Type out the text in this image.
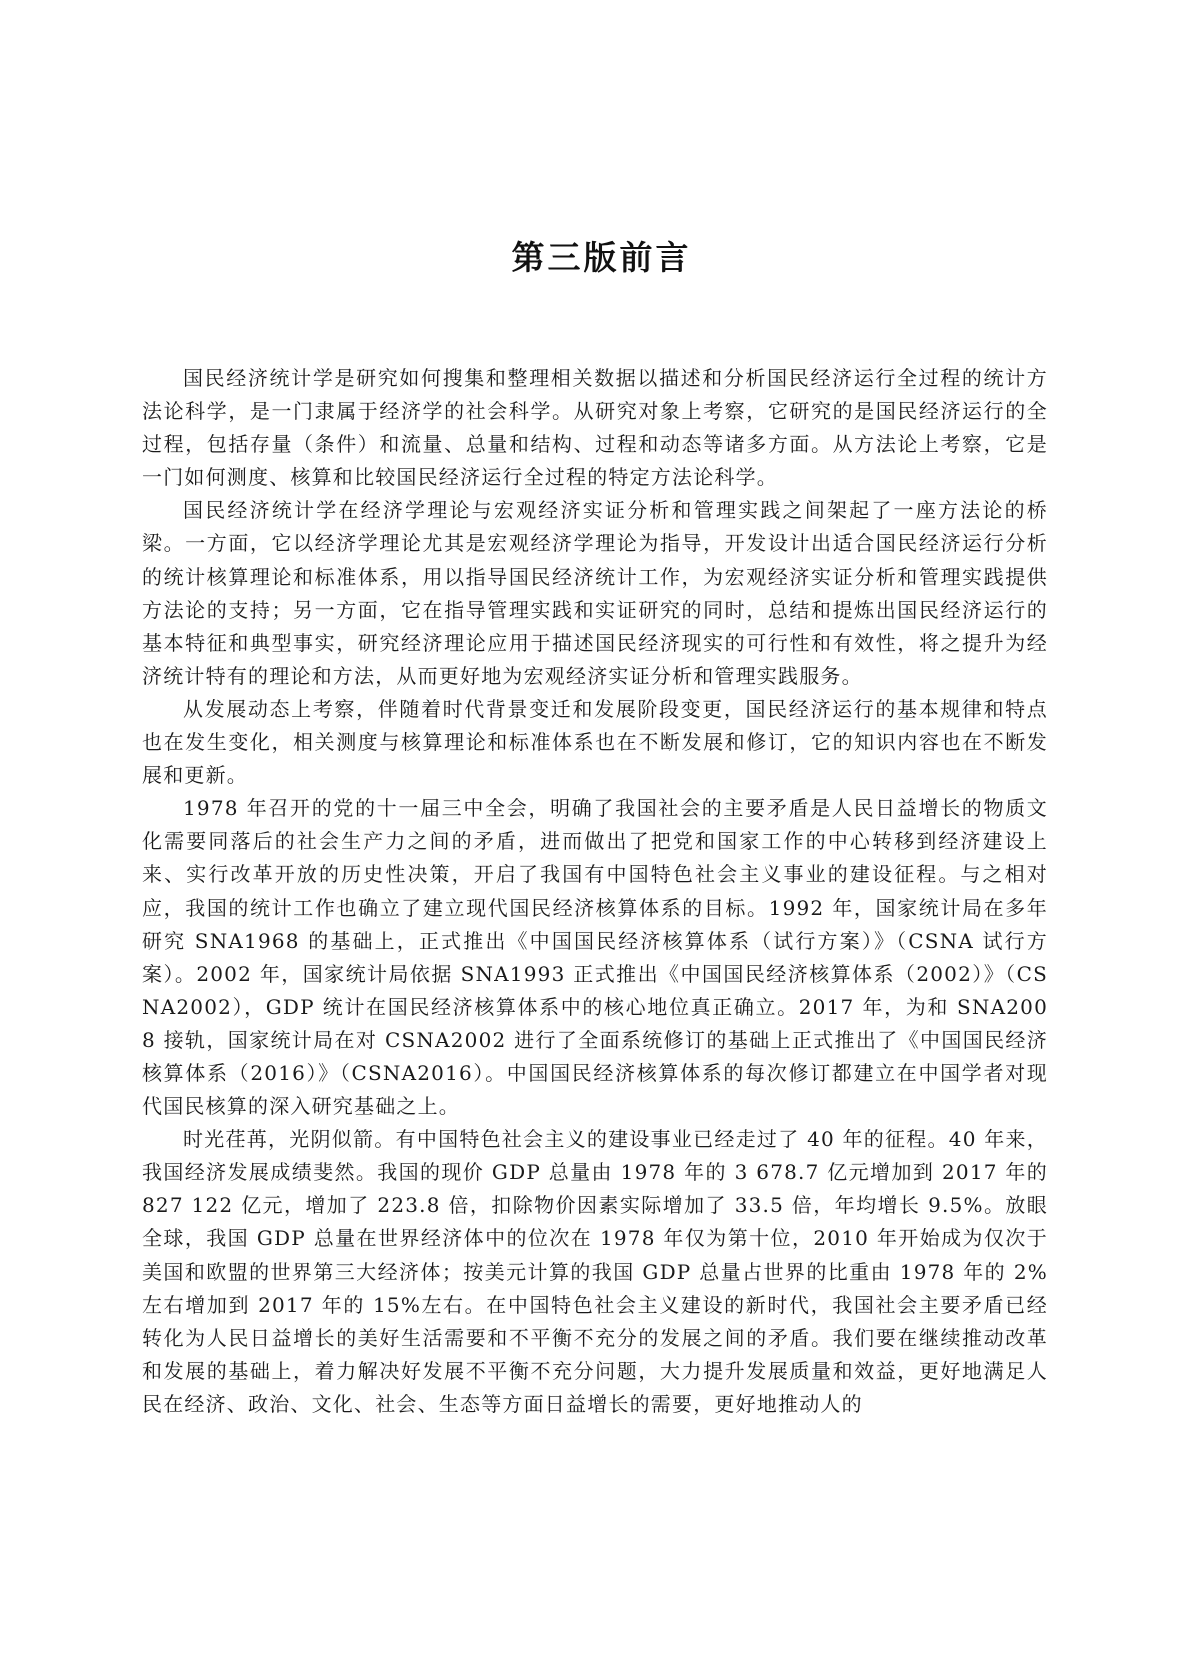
第三版前言

国民经济统计学是研究如何搜集和整理相关数据以描述和分析国民经济运行全过程的统计方法论科学，是一门隶属于经济学的社会科学。从研究对象上考察，它研究的是国民经济运行的全过程，包括存量（条件）和流量、总量和结构、过程和动态等诸多方面。从方法论上考察，它是一门如何测度、核算和比较国民经济运行全过程的特定方法论科学。

国民经济统计学在经济学理论与宏观经济实证分析和管理实践之间架起了一座方法论的桥梁。一方面，它以经济学理论尤其是宏观经济学理论为指导，开发设计出适合国民经济运行分析的统计核算理论和标准体系，用以指导国民经济统计工作，为宏观经济实证分析和管理实践提供方法论的支持；另一方面，它在指导管理实践和实证研究的同时，总结和提炼出国民经济运行的基本特征和典型事实，研究经济理论应用于描述国民经济现实的可行性和有效性，将之提升为经济统计特有的理论和方法，从而更好地为宏观经济实证分析和管理实践服务。

从发展动态上考察，伴随着时代背景变迁和发展阶段变更，国民经济运行的基本规律和特点也在发生变化，相关测度与核算理论和标准体系也在不断发展和修订，它的知识内容也在不断发展和更新。

1978 年召开的党的十一届三中全会，明确了我国社会的主要矛盾是人民日益增长的物质文化需要同落后的社会生产力之间的矛盾，进而做出了把党和国家工作的中心转移到经济建设上来、实行改革开放的历史性决策，开启了我国有中国特色社会主义事业的建设征程。与之相对应，我国的统计工作也确立了建立现代国民经济核算体系的目标。1992 年，国家统计局在多年研究 SNA1968 的基础上，正式推出《中国国民经济核算体系（试行方案）》（CSNA 试行方案）。2002 年，国家统计局依据 SNA1993 正式推出《中国国民经济核算体系（2002）》（CSNA2002），GDP 统计在国民经济核算体系中的核心地位真正确立。2017 年，为和 SNA2008 接轨，国家统计局在对 CSNA2002 进行了全面系统修订的基础上正式推出了《中国国民经济核算体系（2016）》（CSNA2016）。中国国民经济核算体系的每次修订都建立在中国学者对现代国民核算的深入研究基础之上。

时光荏苒，光阴似箭。有中国特色社会主义的建设事业已经走过了 40 年的征程。40 年来，我国经济发展成绩斐然。我国的现价 GDP 总量由 1978 年的 3 678.7 亿元增加到 2017 年的 827 122 亿元，增加了 223.8 倍，扣除物价因素实际增加了 33.5 倍，年均增长 9.5%。放眼全球，我国 GDP 总量在世界经济体中的位次在 1978 年仅为第十位，2010 年开始成为仅次于美国和欧盟的世界第三大经济体；按美元计算的我国 GDP 总量占世界的比重由 1978 年的 2%左右增加到 2017 年的 15%左右。在中国特色社会主义建设的新时代，我国社会主要矛盾已经转化为人民日益增长的美好生活需要和不平衡不充分的发展之间的矛盾。我们要在继续推动改革和发展的基础上，着力解决好发展不平衡不充分问题，大力提升发展质量和效益，更好地满足人民在经济、政治、文化、社会、生态等方面日益增长的需要，更好地推动人的
